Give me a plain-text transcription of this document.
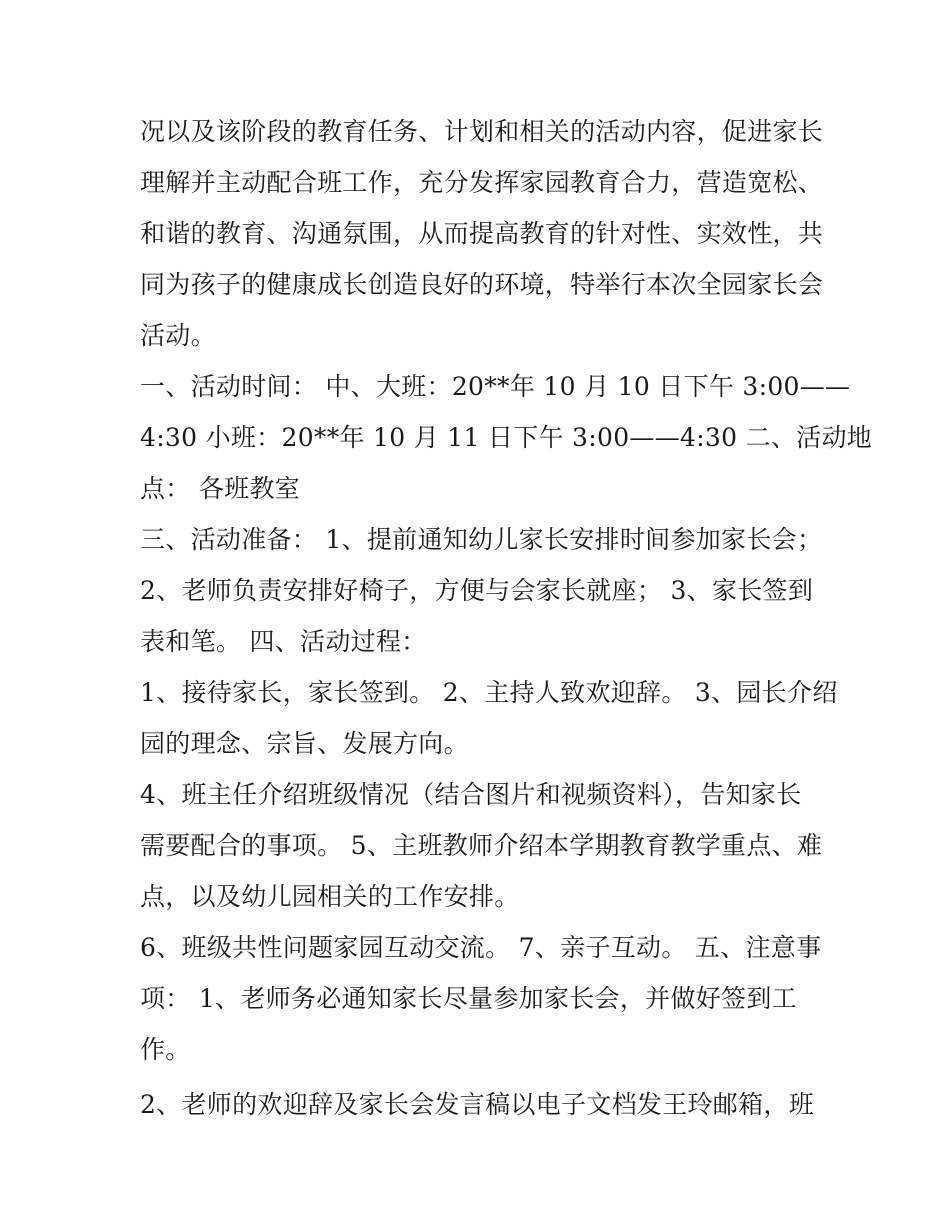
况以及该阶段的教育任务、计划和相关的活动内容，促进家长
理解并主动配合班工作，充分发挥家园教育合力，营造宽松、
和谐的教育、沟通氛围，从而提高教育的针对性、实效性，共
同为孩子的健康成长创造良好的环境，特举行本次全园家长会
活动。
一、活动时间： 中、大班：20**年 10 月 10 日下午 3:00——
4:30 小班：20**年 10 月 11 日下午 3:00——4:30 二、活动地
点： 各班教室
三、活动准备： 1、提前通知幼儿家长安排时间参加家长会；
2、老师负责安排好椅子，方便与会家长就座； 3、家长签到
表和笔。 四、活动过程：
1、接待家长，家长签到。 2、主持人致欢迎辞。 3、园长介绍
园的理念、宗旨、发展方向。
4、班主任介绍班级情况（结合图片和视频资料），告知家长
需要配合的事项。 5、主班教师介绍本学期教育教学重点、难
点，以及幼儿园相关的工作安排。
6、班级共性问题家园互动交流。 7、亲子互动。 五、注意事
项： 1、老师务必通知家长尽量参加家长会，并做好签到工
作。
2、老师的欢迎辞及家长会发言稿以电子文档发王玲邮箱，班
